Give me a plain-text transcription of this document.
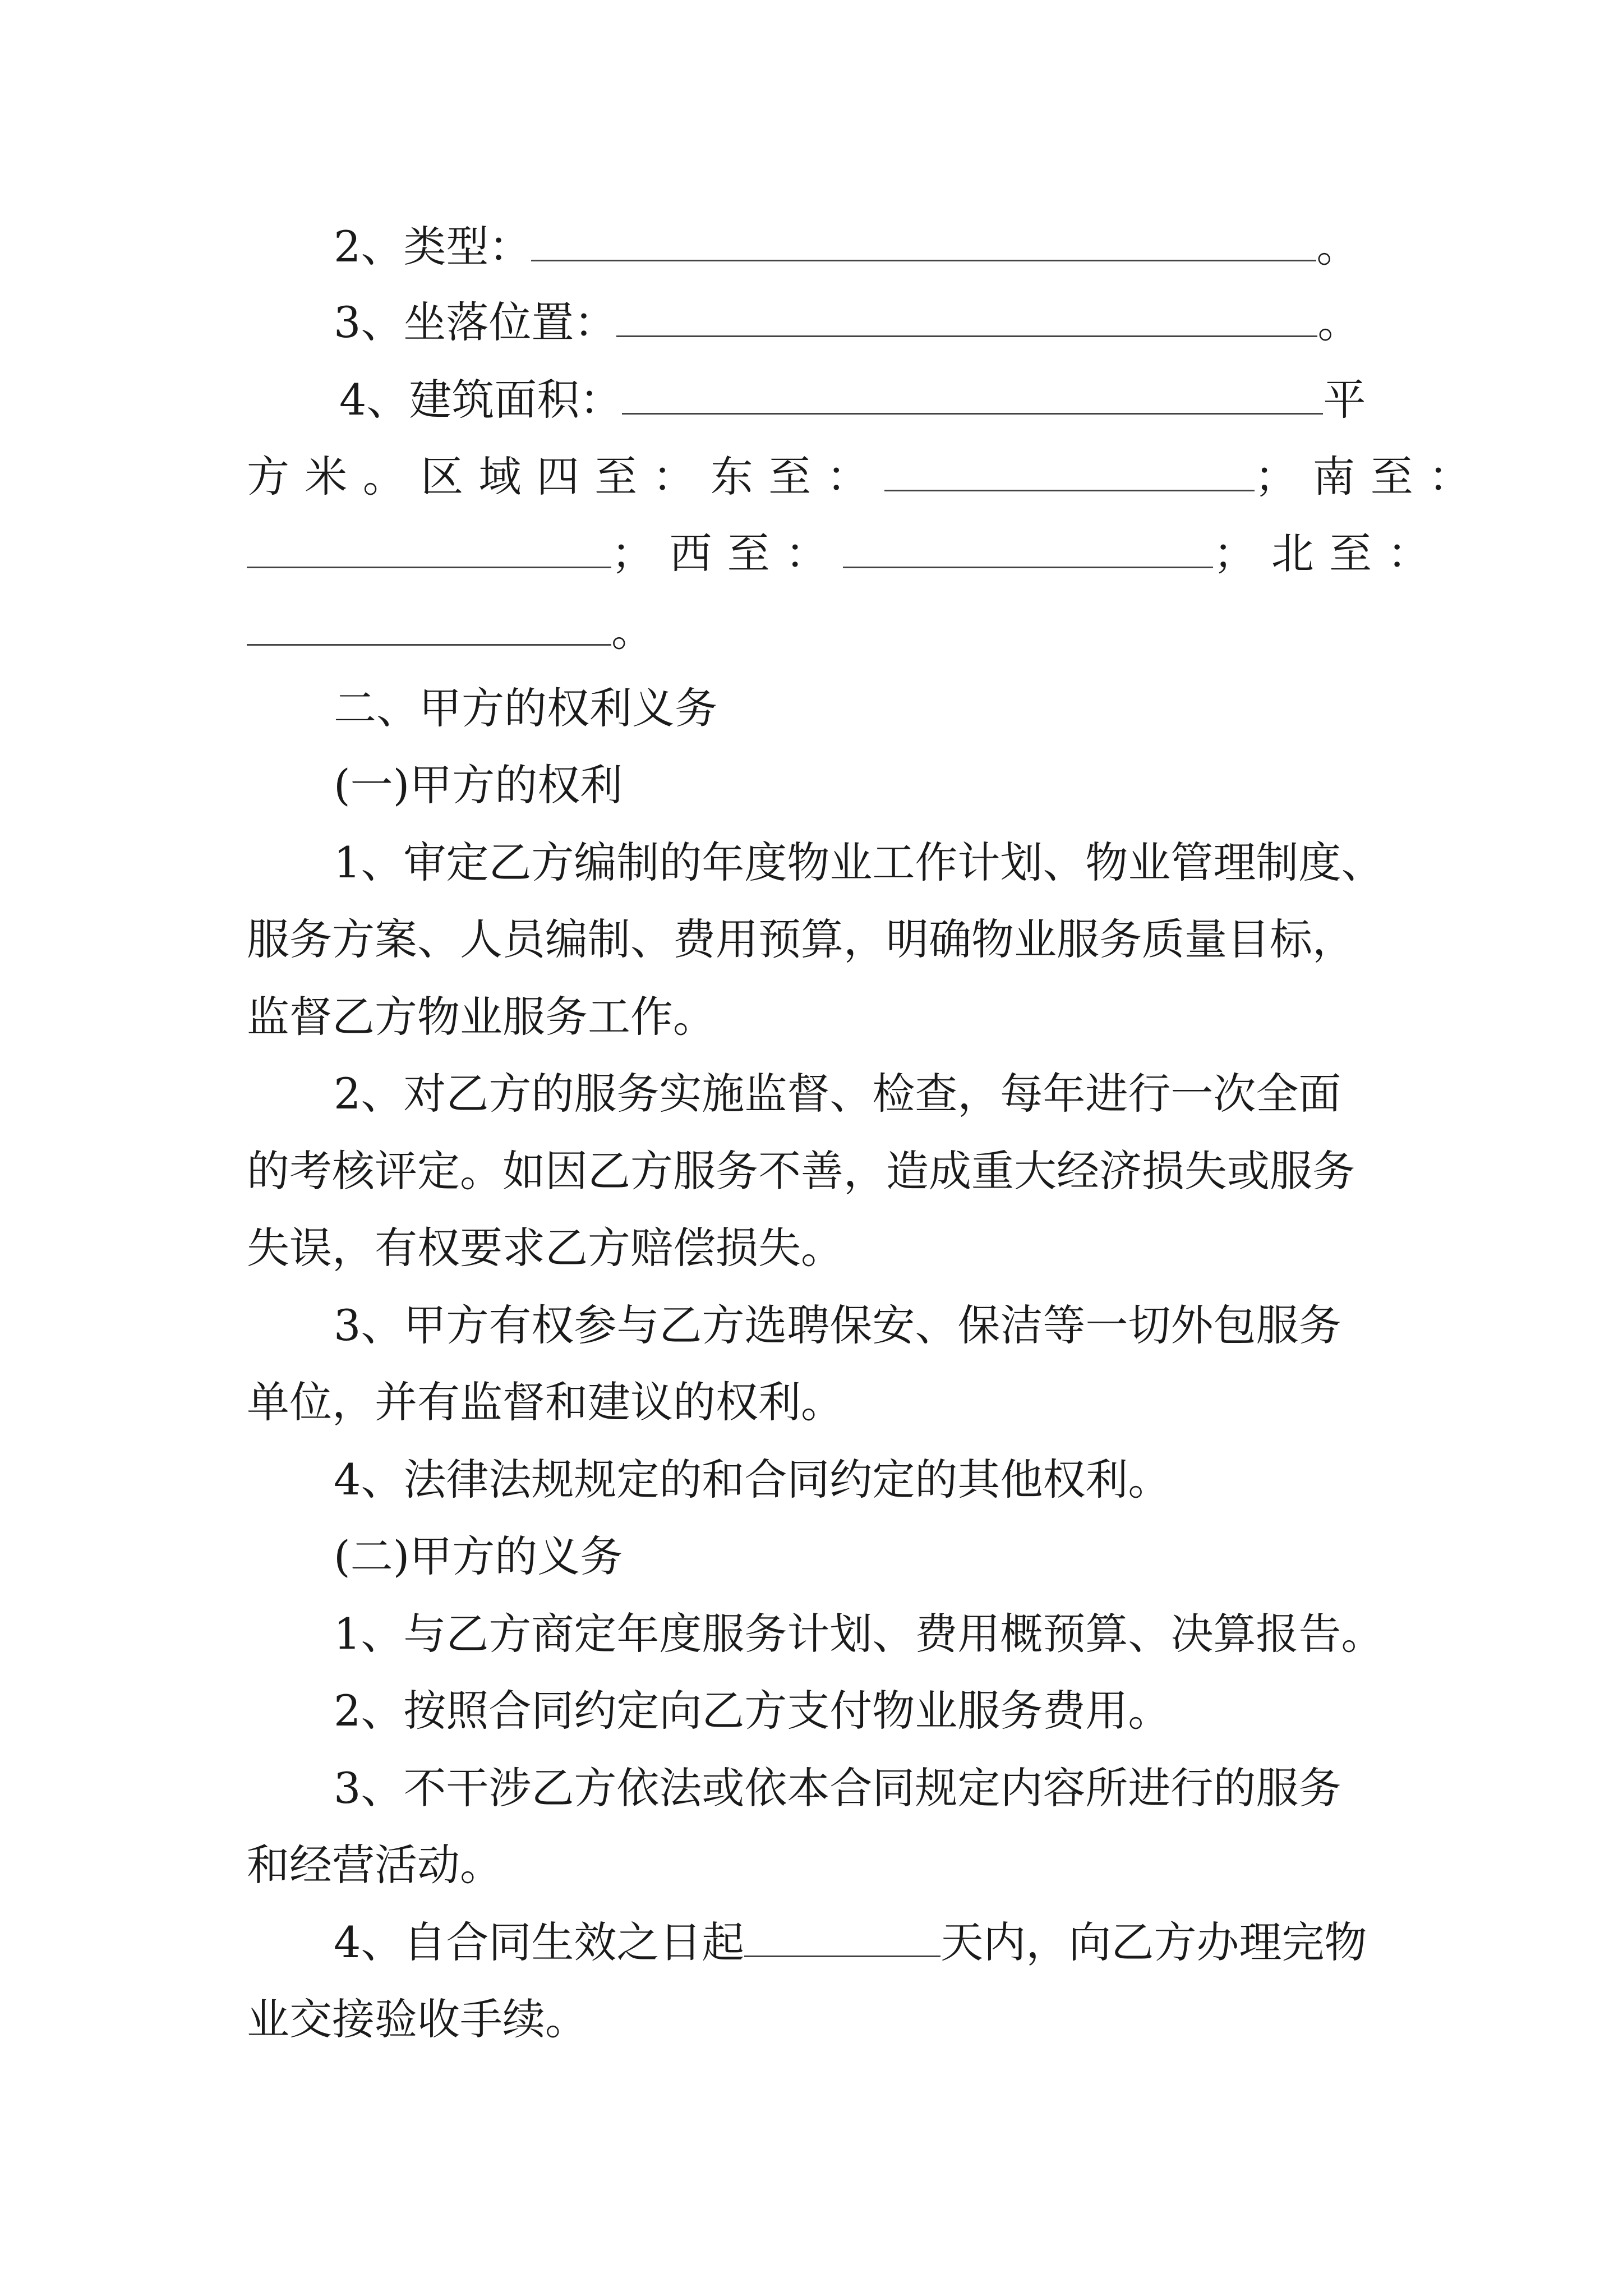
2、类型：	。
3、坐落位置：	。
4、建筑面积：	平
方米。区域四至：东至：	；南至：
；西至：	；北至：
。
二、甲方的权利义务
(一)甲方的权利
1、审定乙方编制的年度物业工作计划、物业管理制度、
服务方案、人员编制、费用预算，明确物业服务质量目标，
监督乙方物业服务工作。
2、对乙方的服务实施监督、检查，每年进行一次全面
的考核评定。如因乙方服务不善，造成重大经济损失或服务
失误，有权要求乙方赔偿损失。
3、甲方有权参与乙方选聘保安、保洁等一切外包服务
单位，并有监督和建议的权利。
4、法律法规规定的和合同约定的其他权利。
(二)甲方的义务
1、与乙方商定年度服务计划、费用概预算、决算报告。
2、按照合同约定向乙方支付物业服务费用。
3、不干涉乙方依法或依本合同规定内容所进行的服务
和经营活动。
4、自合同生效之日起	天内，向乙方办理完物
业交接验收手续。
